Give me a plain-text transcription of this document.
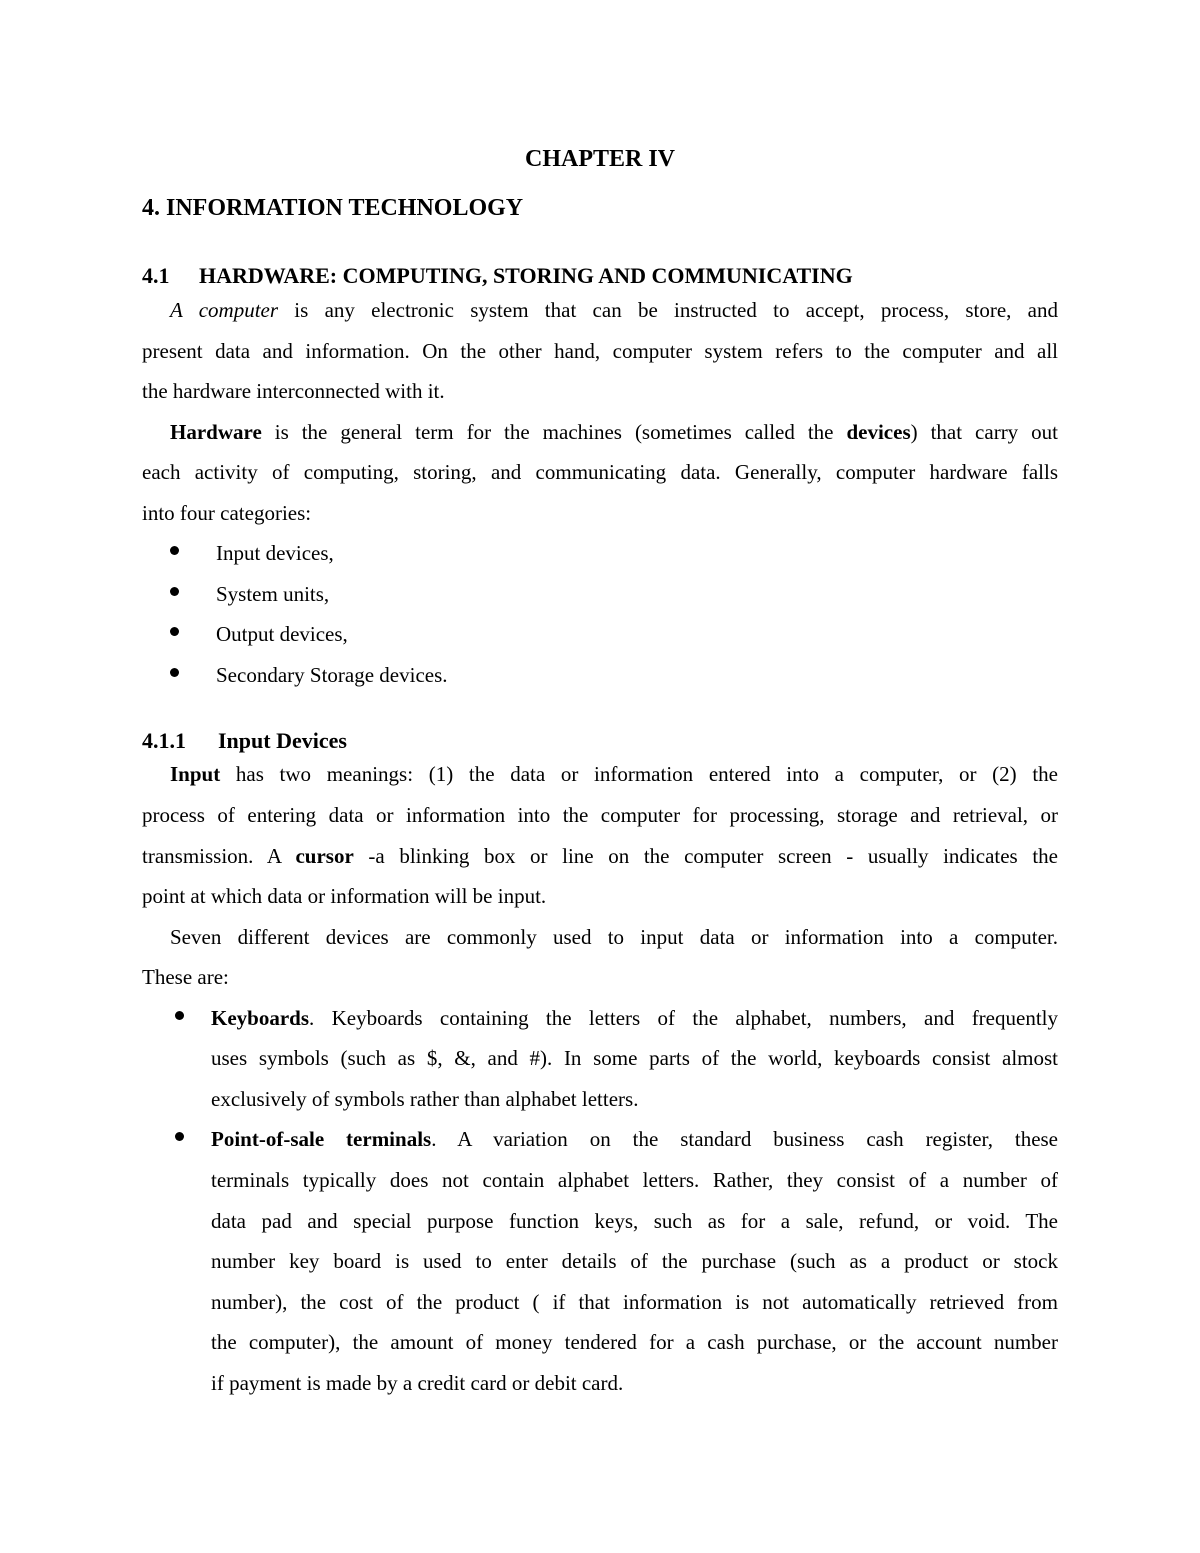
CHAPTER IV
4. INFORMATION TECHNOLOGY
4.1 HARDWARE: COMPUTING, STORING AND COMMUNICATING
A computer is any electronic system that can be instructed to accept, process, store, and
present data and information. On the other hand, computer system refers to the computer and all
the hardware interconnected with it.
Hardware is the general term for the machines (sometimes called the devices) that carry out
each activity of computing, storing, and communicating data. Generally, computer hardware falls
into four categories:
Input devices,
System units,
Output devices,
Secondary Storage devices.
4.1.1 Input Devices
Input has two meanings: (1) the data or information entered into a computer, or (2) the
process of entering data or information into the computer for processing, storage and retrieval, or
transmission. A cursor -a blinking box or line on the computer screen - usually indicates the
point at which data or information will be input.
Seven different devices are commonly used to input data or information into a computer.
These are:
Keyboards. Keyboards containing the letters of the alphabet, numbers, and frequently
uses symbols (such as $, &, and #). In some parts of the world, keyboards consist almost
exclusively of symbols rather than alphabet letters.
Point-of-sale terminals. A variation on the standard business cash register, these
terminals typically does not contain alphabet letters. Rather, they consist of a number of
data pad and special purpose function keys, such as for a sale, refund, or void. The
number key board is used to enter details of the purchase (such as a product or stock
number), the cost of the product ( if that information is not automatically retrieved from
the computer), the amount of money tendered for a cash purchase, or the account number
if payment is made by a credit card or debit card.
